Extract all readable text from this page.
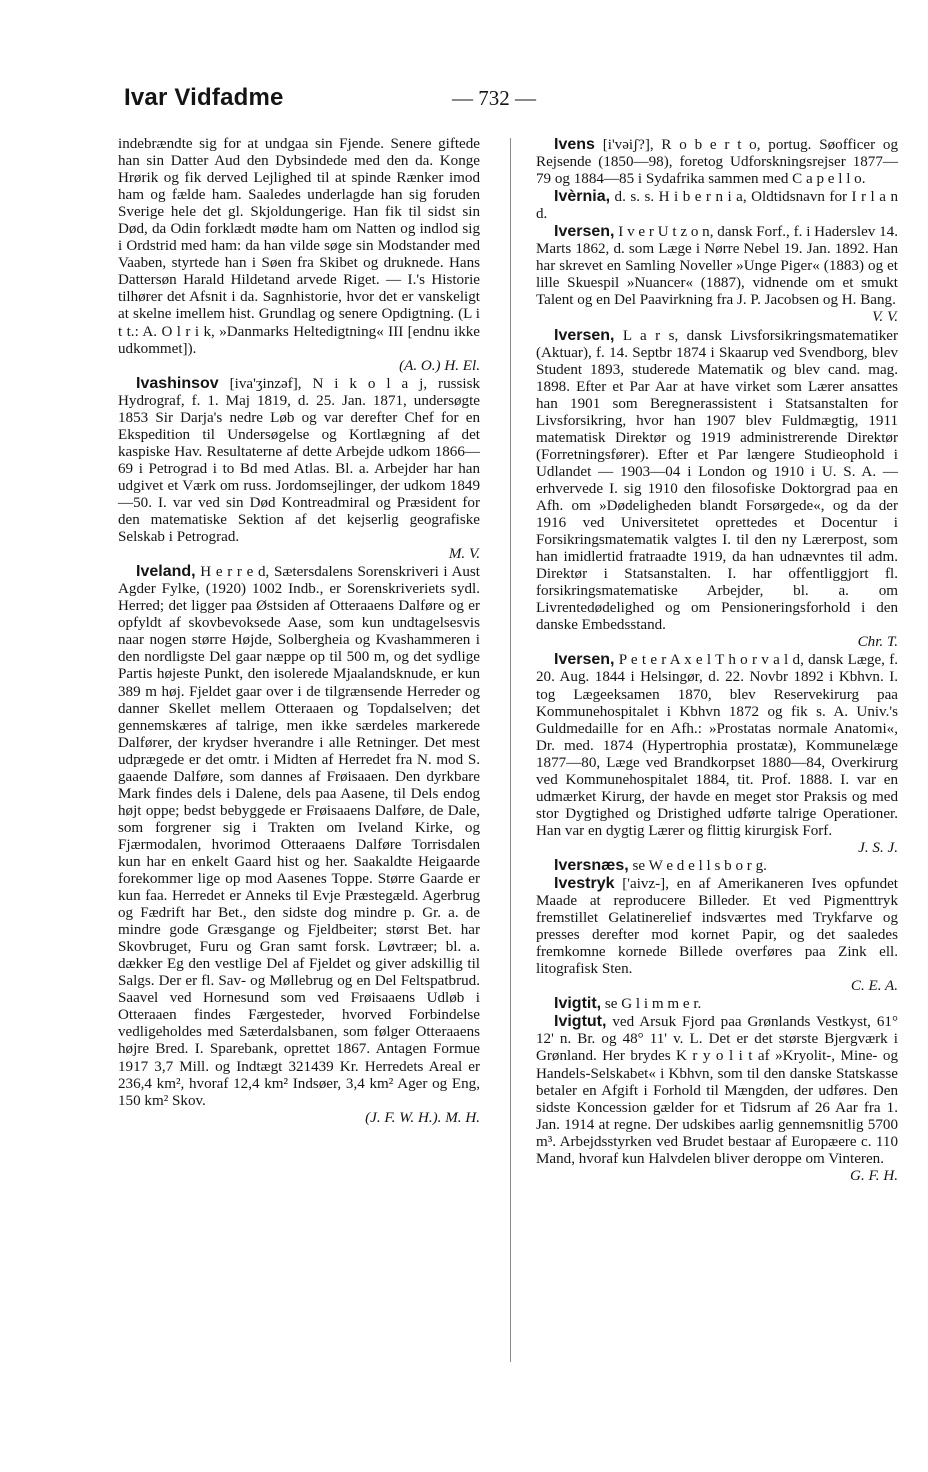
Ivar Vidfadme	— 732 —

indebrændte sig for at undgaa sin Fjende. Senere giftede han sin Datter Aud den Dybsindede med den da. Konge Hrørik og fik derved Lejlighed til at spinde Rænker imod ham og fælde ham. Saaledes underlagde han sig foruden Sverige hele det gl. Skjoldungerige. Han fik til sidst sin Død, da Odin forklædt mødte ham om Natten og indlod sig i Ordstrid med ham: da han vilde søge sin Modstander med Vaaben, styrtede han i Søen fra Skibet og druknede. Hans Dattersøn Harald Hildetand arvede Riget. — I.'s Historie tilhører det Afsnit i da. Sagnhistorie, hvor det er vanskeligt at skelne imellem hist. Grundlag og senere Opdigtning. (L i t t.: A. O l r i k, »Danmarks Heltedigtning« III [endnu ikke udkommet]).
(A. O.) H. El.

Ivashinsov [iva'ʒinzəf], N i k o l a j, russisk Hydrograf, f. 1. Maj 1819, d. 25. Jan. 1871, undersøgte 1853 Sir Darja's nedre Løb og var derefter Chef for en Ekspedition til Undersøgelse og Kortlægning af det kaspiske Hav. Resultaterne af dette Arbejde udkom 1866—69 i Petrograd i to Bd med Atlas. Bl. a. Arbejder har han udgivet et Værk om russ. Jordomsejlinger, der udkom 1849—50. I. var ved sin Død Kontreadmiral og Præsident for den matematiske Sektion af det kejserlig geografiske Selskab i Petrograd.
M. V.

Iveland, H e r r e d, Sætersdalens Sorenskriveri i Aust Agder Fylke, (1920) 1002 Indb., er Sorenskriveriets sydl. Herred; det ligger paa Østsiden af Otteraaens Dalføre og er opfyldt af skovbevoksede Aase, som kun undtagelsesvis naar nogen større Højde, Solbergheia og Kvashammeren i den nordligste Del gaar næppe op til 500 m, og det sydlige Partis højeste Punkt, den isolerede Mjaalandsknude, er kun 389 m høj. Fjeldet gaar over i de tilgrænsende Herreder og danner Skellet mellem Otteraaen og Topdalselven; det gennemskæres af talrige, men ikke særdeles markerede Dalfører, der krydser hverandre i alle Retninger. Det mest udprægede er det omtr. i Midten af Herredet fra N. mod S. gaaende Dalføre, som dannes af Frøisaaen. Den dyrkbare Mark findes dels i Dalene, dels paa Aasene, til Dels endog højt oppe; bedst bebyggede er Frøisaaens Dalføre, de Dale, som forgrener sig i Trakten om Iveland Kirke, og Fjærmodalen, hvorimod Otteraaens Dalføre Torrisdalen kun har en enkelt Gaard hist og her. Saakaldte Heigaarde forekommer lige op mod Aasenes Toppe. Større Gaarde er kun faa. Herredet er Anneks til Evje Præstegæld. Agerbrug og Fædrift har Bet., den sidste dog mindre p. Gr. a. de mindre gode Græsgange og Fjeldbeiter; størst Bet. har Skovbruget, Furu og Gran samt forsk. Løvtræer; bl. a. dækker Eg den vestlige Del af Fjeldet og giver adskillig til Salgs. Der er fl. Sav- og Møllebrug og en Del Feltspatbrud. Saavel ved Hornesund som ved Frøisaaens Udløb i Otteraaen findes Færgesteder, hvorved Forbindelse vedligeholdes med Sæterdalsbanen, som følger Otteraaens højre Bred. I. Sparebank, oprettet 1867. Antagen Formue 1917 3,7 Mill. og Indtægt 321439 Kr. Herredets Areal er 236,4 km², hvoraf 12,4 km² Indsøer, 3,4 km² Ager og Eng, 150 km² Skov.
(J. F. W. H.). M. H.

Ivens [i'vəiʃ?], R o b e r t o, portug. Søofficer og Rejsende (1850—98), foretog Udforskningsrejser 1877—79 og 1884—85 i Sydafrika sammen med C a p e l l o.

Ivèrnia, d. s. s. H i b e r n i a, Oldtidsnavn for I r l a n d.

Iversen, I v e r U t z o n, dansk Forf., f. i Haderslev 14. Marts 1862, d. som Læge i Nørre Nebel 19. Jan. 1892. Han har skrevet en Samling Noveller »Unge Piger« (1883) og et lille Skuespil »Nuancer« (1887), vidnende om et smukt Talent og en Del Paavirkning fra J. P. Jacobsen og H. Bang.
V. V.

Iversen, L a r s, dansk Livsforsikringsmatematiker (Aktuar), f. 14. Septbr 1874 i Skaarup ved Svendborg, blev Student 1893, studerede Matematik og blev cand. mag. 1898. Efter et Par Aar at have virket som Lærer ansattes han 1901 som Beregnerassistent i Statsanstalten for Livsforsikring, hvor han 1907 blev Fuldmægtig, 1911 matematisk Direktør og 1919 administrerende Direktør (Forretningsfører). Efter et Par længere Studieophold i Udlandet — 1903—04 i London og 1910 i U. S. A. — erhvervede I. sig 1910 den filosofiske Doktorgrad paa en Afh. om »Dødeligheden blandt Forsørgede«, og da der 1916 ved Universitetet oprettedes et Docentur i Forsikringsmatematik valgtes I. til den ny Lærerpost, som han imidlertid fratraadte 1919, da han udnævntes til adm. Direktør i Statsanstalten. I. har offentliggjort fl. forsikringsmatematiske Arbejder, bl. a. om Livrentedødelighed og om Pensioneringsforhold i den danske Embedsstand.
Chr. T.

Iversen, P e t e r A x e l T h o r v a l d, dansk Læge, f. 20. Aug. 1844 i Helsingør, d. 22. Novbr 1892 i Kbhvn. I. tog Lægeeksamen 1870, blev Reservekirurg paa Kommunehospitalet i Kbhvn 1872 og fik s. A. Univ.'s Guldmedaille for en Afh.: »Prostatas normale Anatomi«, Dr. med. 1874 (Hypertrophia prostatæ), Kommunelæge 1877—80, Læge ved Brandkorpset 1880—84, Overkirurg ved Kommunehospitalet 1884, tit. Prof. 1888. I. var en udmærket Kirurg, der havde en meget stor Praksis og med stor Dygtighed og Dristighed udførte talrige Operationer. Han var en dygtig Lærer og flittig kirurgisk Forf.
J. S. J.

Iversnæs, se W e d e l l s b o r g.

Ivestryk ['aivz-], en af Amerikaneren Ives opfundet Maade at reproducere Billeder. Et ved Pigmenttryk fremstillet Gelatinerelief indsværtes med Trykfarve og presses derefter mod kornet Papir, og det saaledes fremkomne kornede Billede overføres paa Zink ell. litografisk Sten.
C. E. A.

Ivigtit, se G l i m m e r.

Ivigtut, ved Arsuk Fjord paa Grønlands Vestkyst, 61° 12' n. Br. og 48° 11' v. L. Det er det største Bjergværk i Grønland. Her brydes K r y o l i t af »Kryolit-, Mine- og Handels-Selskabet« i Kbhvn, som til den danske Statskasse betaler en Afgift i Forhold til Mængden, der udføres. Den sidste Koncession gælder for et Tidsrum af 26 Aar fra 1. Jan. 1914 at regne. Der udskibes aarlig gennemsnitlig 5700 m³. Arbejdsstyrken ved Brudet bestaar af Europæere c. 110 Mand, hvoraf kun Halvdelen bliver deroppe om Vinteren.
G. F. H.
